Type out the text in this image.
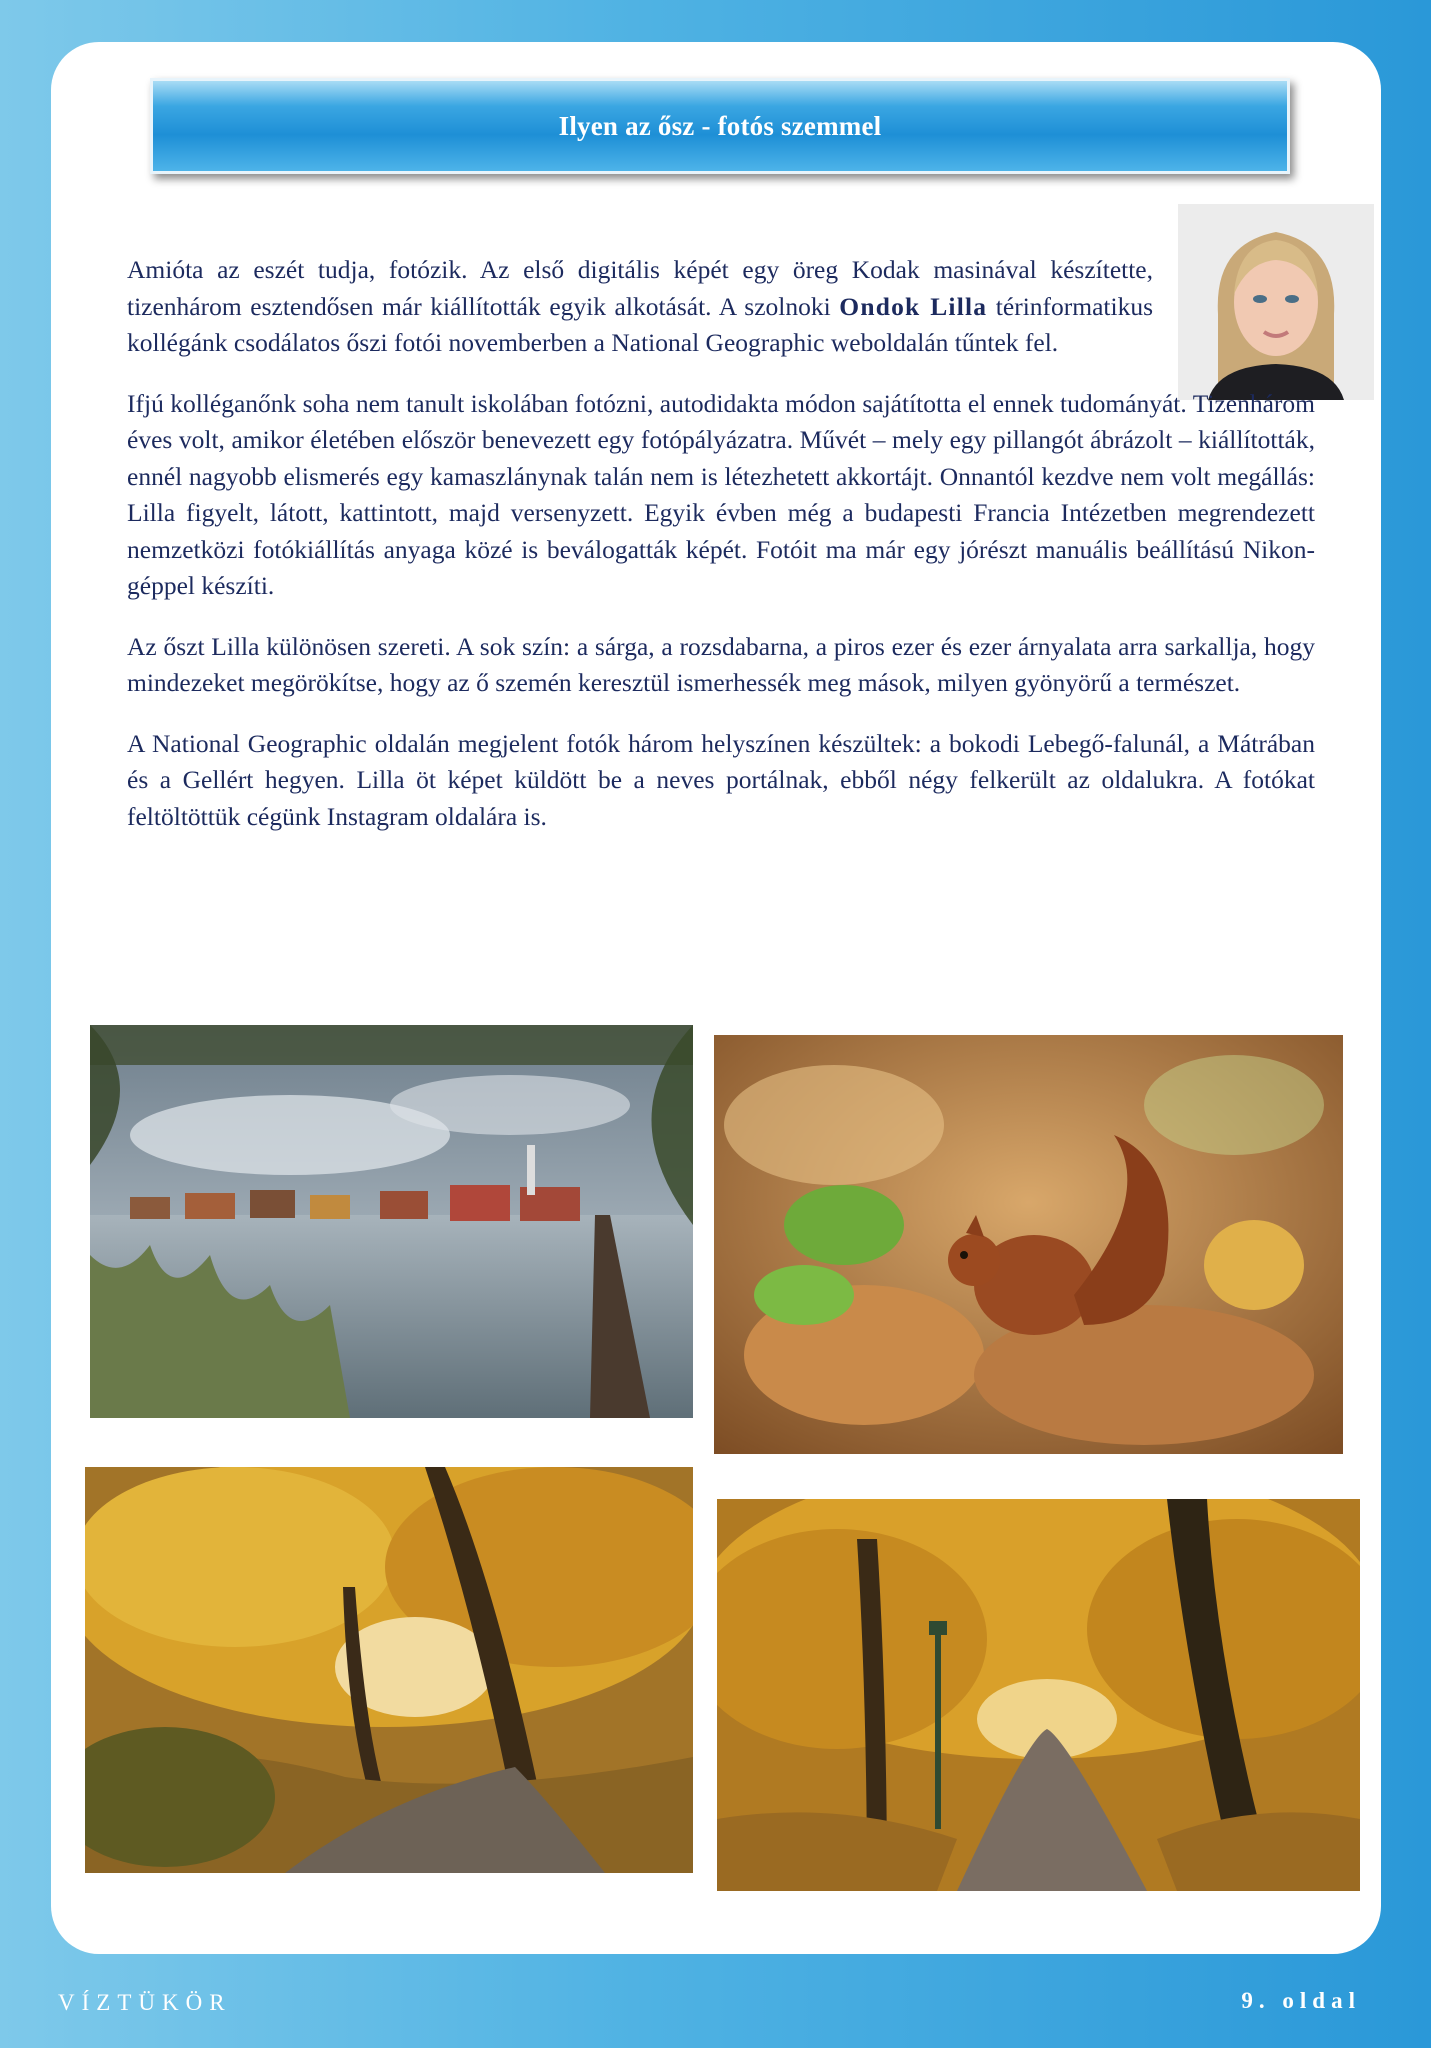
Ilyen az ősz - fotós szemmel

Amióta az eszét tudja, fotózik. Az első digitális képét egy öreg Kodak masinával készítette, tizenhárom esztendősen már kiállították egyik alkotását. A szolnoki Ondok Lilla térinformatikus kollégánk csodálatos őszi fotói novemberben a National Geographic weboldalán tűntek fel.

Ifjú kolléganőnk soha nem tanult iskolában fotózni, autodidakta módon sajátította el ennek tudományát. Tizenhárom éves volt, amikor életében először benevezett egy fotópályázatra. Művét – mely egy pillangót ábrázolt – kiállították, ennél nagyobb elismerés egy kamaszlánynak talán nem is létezhetett akkortájt. Onnantól kezdve nem volt megállás: Lilla figyelt, látott, kattintott, majd versenyzett. Egyik évben még a budapesti Francia Intézetben megrendezett nemzetközi fotókiállítás anyaga közé is beválogatták képét. Fotóit ma már egy jórészt manuális beállítású Nikon-géppel készíti.

Az őszt Lilla különösen szereti. A sok szín: a sárga, a rozsdabarna, a piros ezer és ezer árnyalata arra sarkallja, hogy mindezeket megörökítse, hogy az ő szemén keresztül ismerhessék meg mások, milyen gyönyörű a természet.

A National Geographic oldalán megjelent fotók három helyszínen készültek: a bokodi Lebegő-falunál, a Mátrában és a Gellért hegyen. Lilla öt képet küldött be a neves portálnak, ebből négy felkerült az oldalukra. A fotókat feltöltöttük cégünk Instagram oldalára is.

VÍZTÜKÖR	9. oldal
